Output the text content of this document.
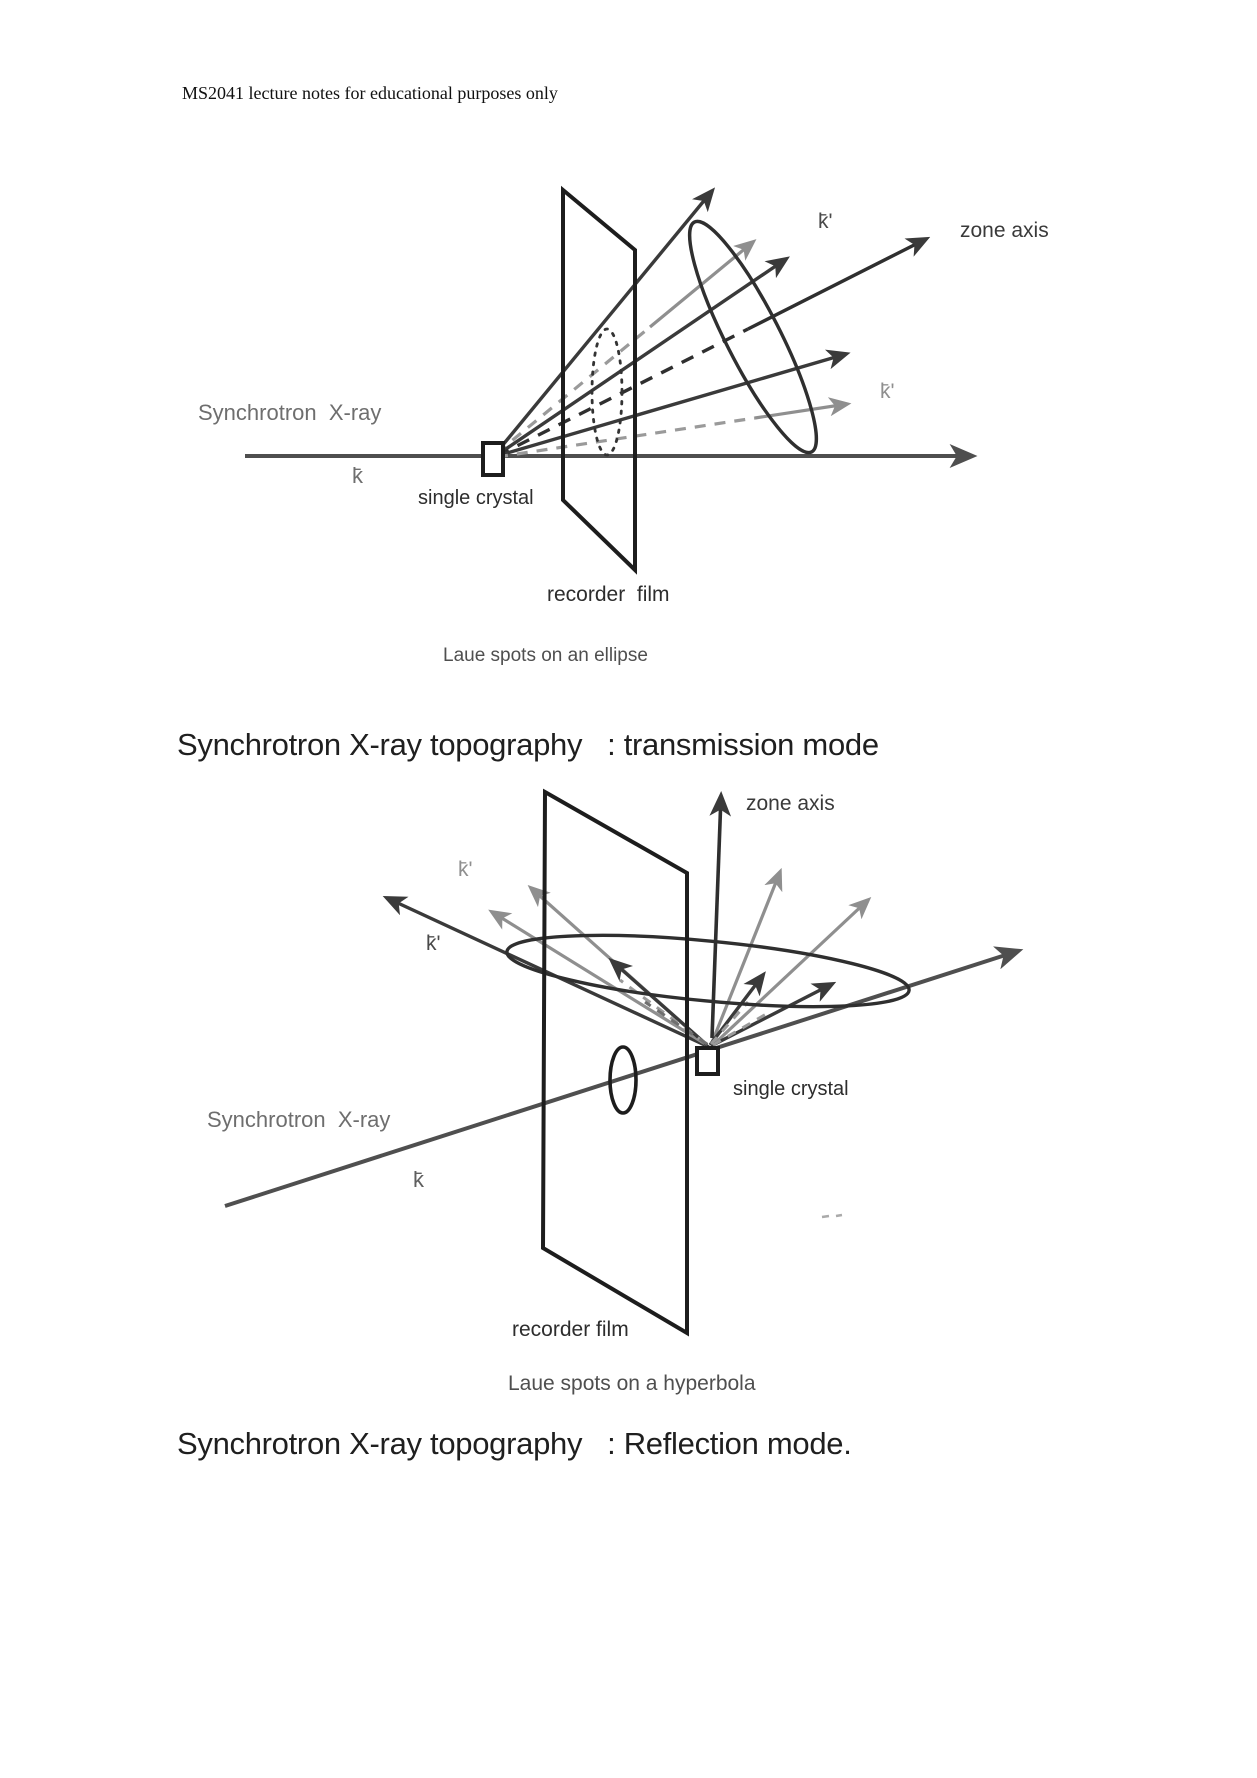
MS2041 lecture notes for educational purposes only
Synchrotron  X-ray
k̄
single crystal
recorder  film
k̄'	zone axis
k̄'
Laue spots on an ellipse
Synchrotron X-ray topography   : transmission mode
k̄'
k̄'
zone axis
single crystal
Synchrotron  X-ray
k̄
recorder film
Laue spots on a hyperbola
Synchrotron X-ray topography   : Reflection mode.
